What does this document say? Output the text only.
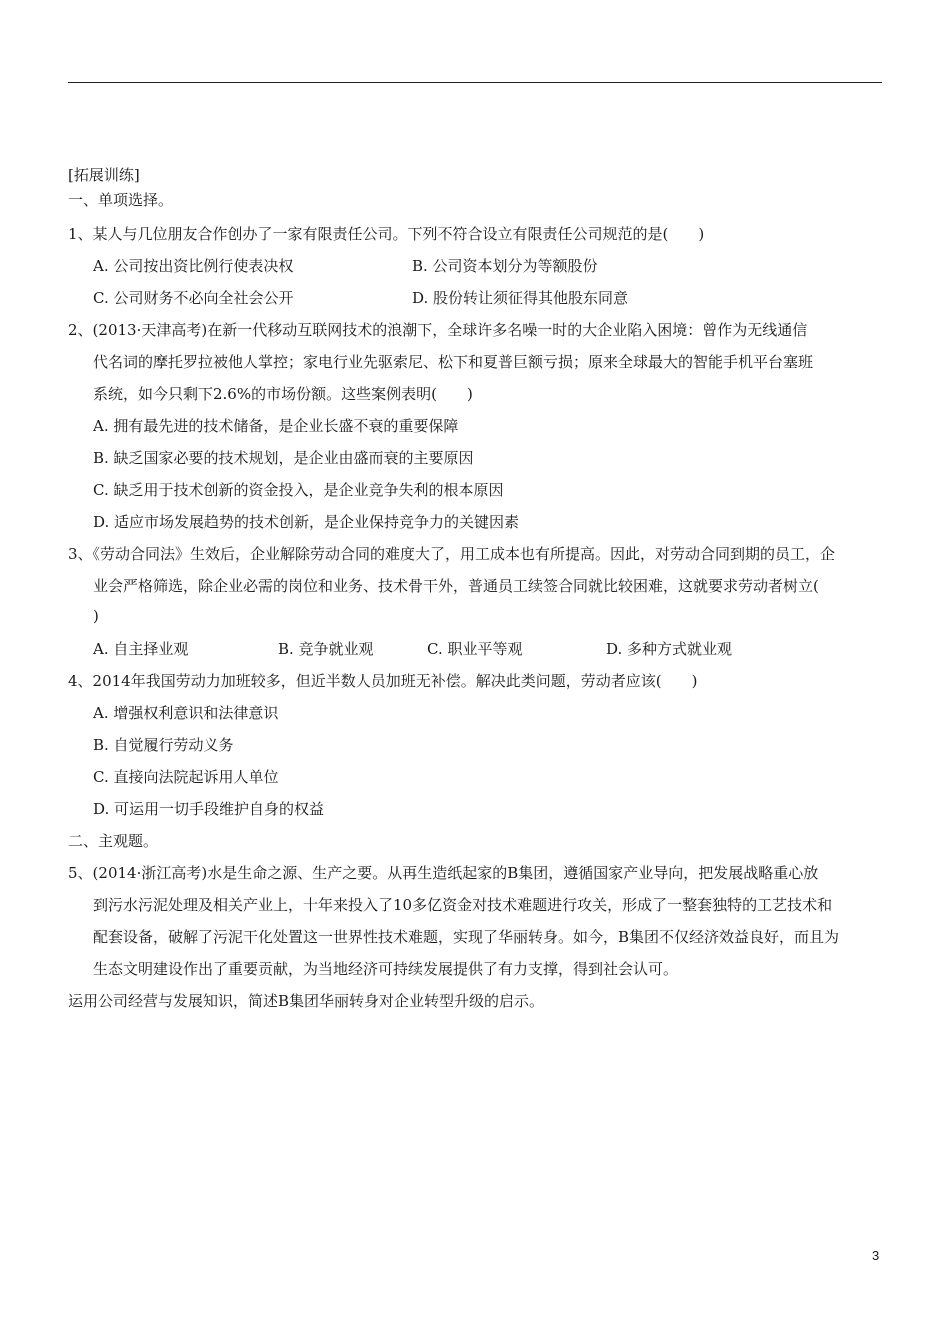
[拓展训练]
一、单项选择。
1、某人与几位朋友合作创办了一家有限责任公司。下列不符合设立有限责任公司规范的是(　　)
A. 公司按出资比例行使表决权	B. 公司资本划分为等额股份
C. 公司财务不必向全社会公开	D. 股份转让须征得其他股东同意
2、(2013·天津高考)在新一代移动互联网技术的浪潮下，全球许多名噪一时的大企业陷入困境：曾作为无线通信
代名词的摩托罗拉被他人掌控；家电行业先驱索尼、松下和夏普巨额亏损；原来全球最大的智能手机平台塞班
系统，如今只剩下2.6%的市场份额。这些案例表明(　　)
A. 拥有最先进的技术储备，是企业长盛不衰的重要保障
B. 缺乏国家必要的技术规划，是企业由盛而衰的主要原因
C. 缺乏用于技术创新的资金投入，是企业竞争失利的根本原因
D. 适应市场发展趋势的技术创新，是企业保持竞争力的关键因素
3、《劳动合同法》生效后，企业解除劳动合同的难度大了，用工成本也有所提高。因此，对劳动合同到期的员工，企
业会严格筛选，除企业必需的岗位和业务、技术骨干外，普通员工续签合同就比较困难，这就要求劳动者树立(
)
A. 自主择业观	B. 竞争就业观	C. 职业平等观	D. 多种方式就业观
4、2014年我国劳动力加班较多，但近半数人员加班无补偿。解决此类问题，劳动者应该(　　)
A. 增强权利意识和法律意识
B. 自觉履行劳动义务
C. 直接向法院起诉用人单位
D. 可运用一切手段维护自身的权益
二、主观题。
5、(2014·浙江高考)水是生命之源、生产之要。从再生造纸起家的B集团，遵循国家产业导向，把发展战略重心放
到污水污泥处理及相关产业上，十年来投入了10多亿资金对技术难题进行攻关，形成了一整套独特的工艺技术和
配套设备，破解了污泥干化处置这一世界性技术难题，实现了华丽转身。如今，B集团不仅经济效益良好，而且为
生态文明建设作出了重要贡献，为当地经济可持续发展提供了有力支撑，得到社会认可。
运用公司经营与发展知识，简述B集团华丽转身对企业转型升级的启示。
3
